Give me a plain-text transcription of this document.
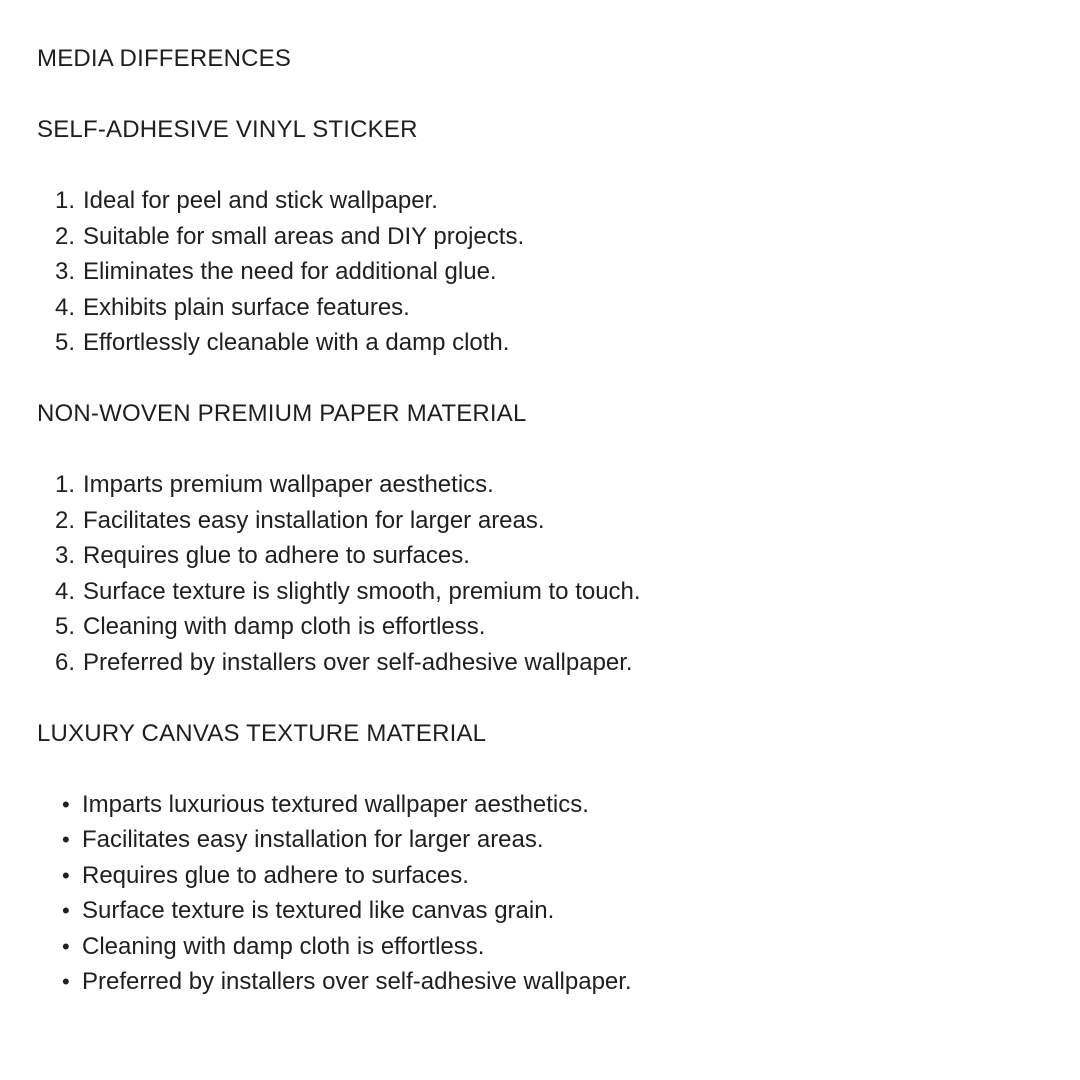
MEDIA DIFFERENCES
SELF-ADHESIVE VINYL STICKER
1. Ideal for peel and stick wallpaper.
2. Suitable for small areas and DIY projects.
3. Eliminates the need for additional glue.
4. Exhibits plain surface features.
5. Effortlessly cleanable with a damp cloth.
NON-WOVEN PREMIUM PAPER MATERIAL
1. Imparts premium wallpaper aesthetics.
2. Facilitates easy installation for larger areas.
3. Requires glue to adhere to surfaces.
4. Surface texture is slightly smooth, premium to touch.
5. Cleaning with damp cloth is effortless.
6. Preferred by installers over self-adhesive wallpaper.
LUXURY CANVAS TEXTURE MATERIAL
• Imparts luxurious textured wallpaper aesthetics.
• Facilitates easy installation for larger areas.
• Requires glue to adhere to surfaces.
• Surface texture is textured like canvas grain.
• Cleaning with damp cloth is effortless.
• Preferred by installers over self-adhesive wallpaper.
